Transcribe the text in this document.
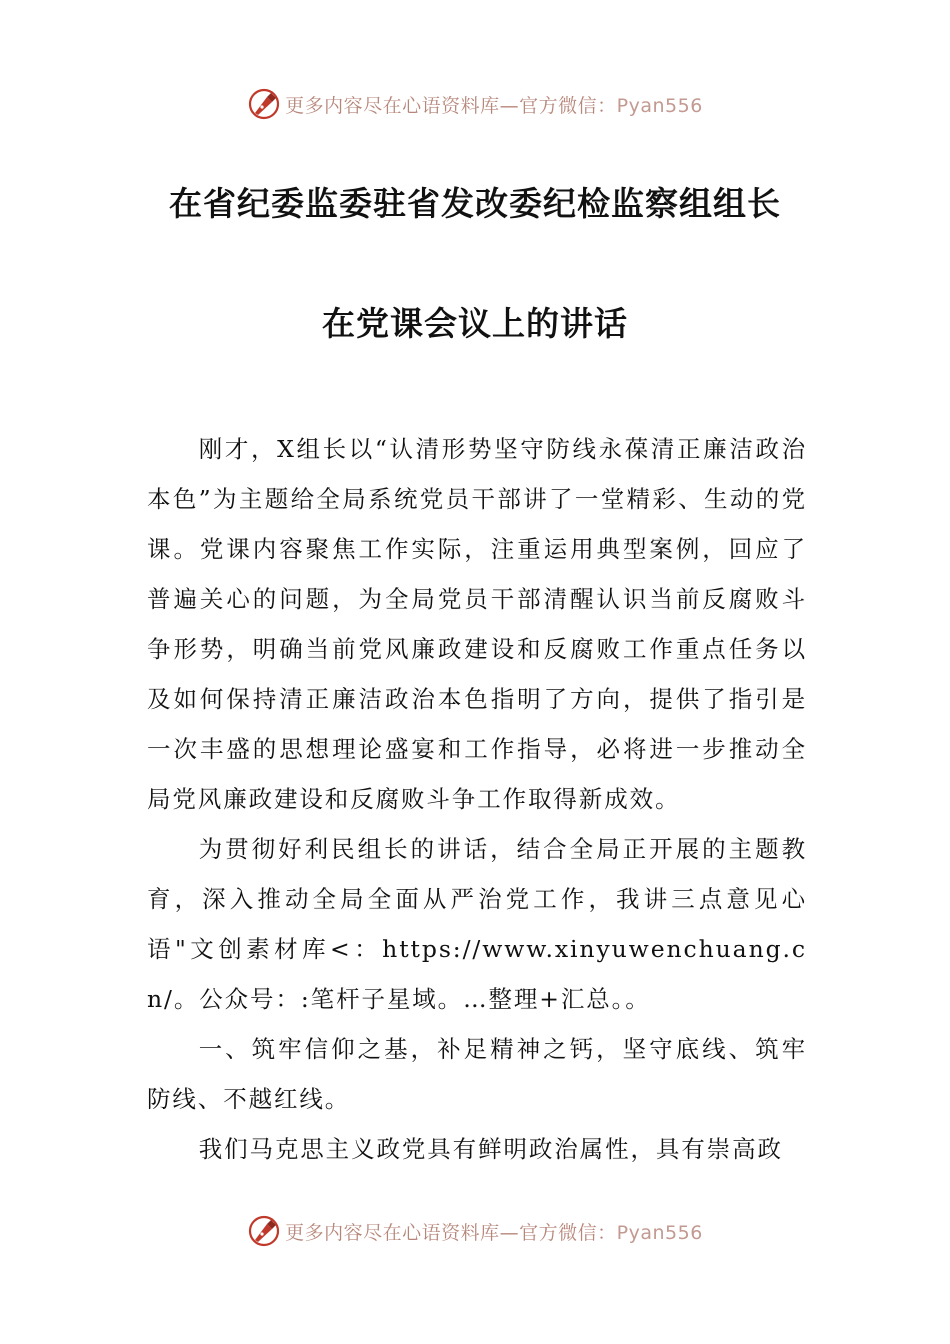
更多内容尽在心语资料库—官方微信：Pyan556
在省纪委监委驻省发改委纪检监察组组长
在党课会议上的讲话

刚才，X组长以“认清形势坚守防线永葆清正廉洁政治本色”为主题给全局系统党员干部讲了一堂精彩、生动的党课。党课内容聚焦工作实际，注重运用典型案例，回应了普遍关心的问题，为全局党员干部清醒认识当前反腐败斗争形势，明确当前党风廉政建设和反腐败工作重点任务以及如何保持清正廉洁政治本色指明了方向，提供了指引是一次丰盛的思想理论盛宴和工作指导，必将进一步推动全局党风廉政建设和反腐败斗争工作取得新成效。

为贯彻好利民组长的讲话，结合全局正开展的主题教育，深入推动全局全面从严治党工作，我讲三点意见心语"文创素材库<：https://www.xinyuwenchuang.cn/。公众号：:笔杆子星域。…整理+汇总。。

一、筑牢信仰之基，补足精神之钙，坚守底线、筑牢防线、不越红线。

我们马克思主义政党具有鲜明政治属性，具有崇高政

更多内容尽在心语资料库—官方微信：Pyan556
